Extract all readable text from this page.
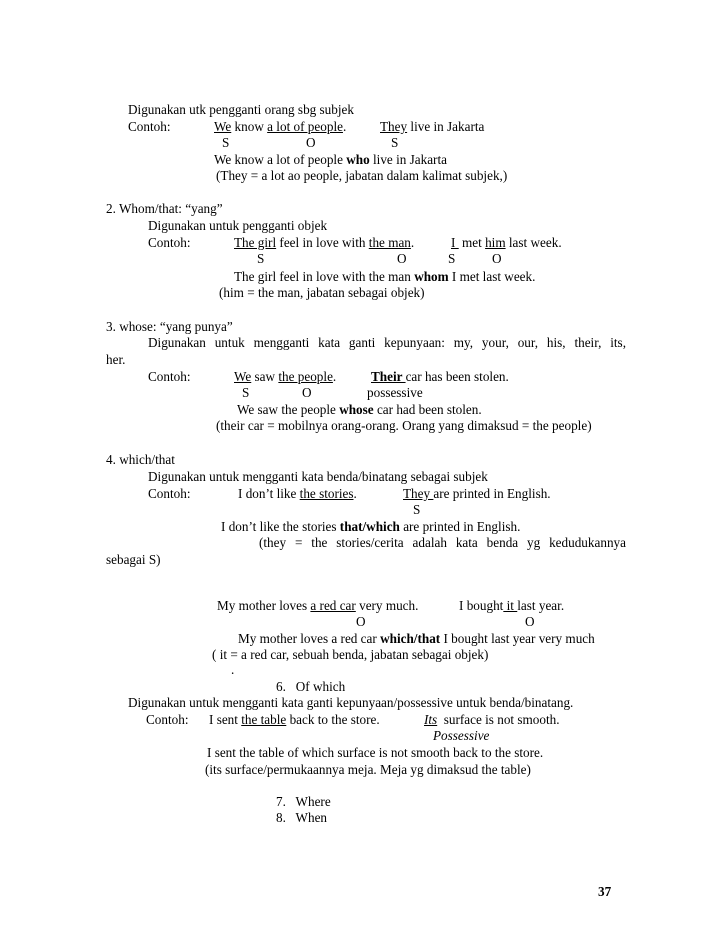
Digunakan utk pengganti orang sbg subjek
Contoh:	We know a lot of people.	They live in Jakarta
S	O	S
We know a lot of people who live in Jakarta
(They = a lot ao people, jabatan dalam kalimat subjek,)
2. Whom/that: “yang”
Digunakan untuk pengganti objek
Contoh:	The girl feel in love with the man.	I  met him last week.
S	O	S	O
The girl feel in love with the man whom I met last week.
(him = the man, jabatan sebagai objek)
3. whose: “yang punya”
Digunakan untuk mengganti kata ganti kepunyaan: my, your, our, his, their, its,
her.
Contoh:	We saw the people.	Their car has been stolen.
S	O	possessive
We saw the people whose car had been stolen.
(their car = mobilnya orang-orang. Orang yang dimaksud = the people)
4. which/that
Digunakan untuk mengganti kata benda/binatang sebagai subjek
Contoh:	I don’t like the stories.	They are printed in English.
S
I don’t like the stories that/which are printed in English.
(they = the stories/cerita adalah kata benda yg kedudukannya
sebagai S)
My mother loves a red car very much.	I bought it last year.
O	O
My mother loves a red car which/that I bought last year very much
( it = a red car, sebuah benda, jabatan sebagai objek)
.
6.   Of which
Digunakan untuk mengganti kata ganti kepunyaan/possessive untuk benda/binatang.
Contoh: I sent the table back to the store.	Its  surface is not smooth.
Possessive
I sent the table of which surface is not smooth back to the store.
(its surface/permukaannya meja. Meja yg dimaksud the table)
7.   Where
8.   When
37
